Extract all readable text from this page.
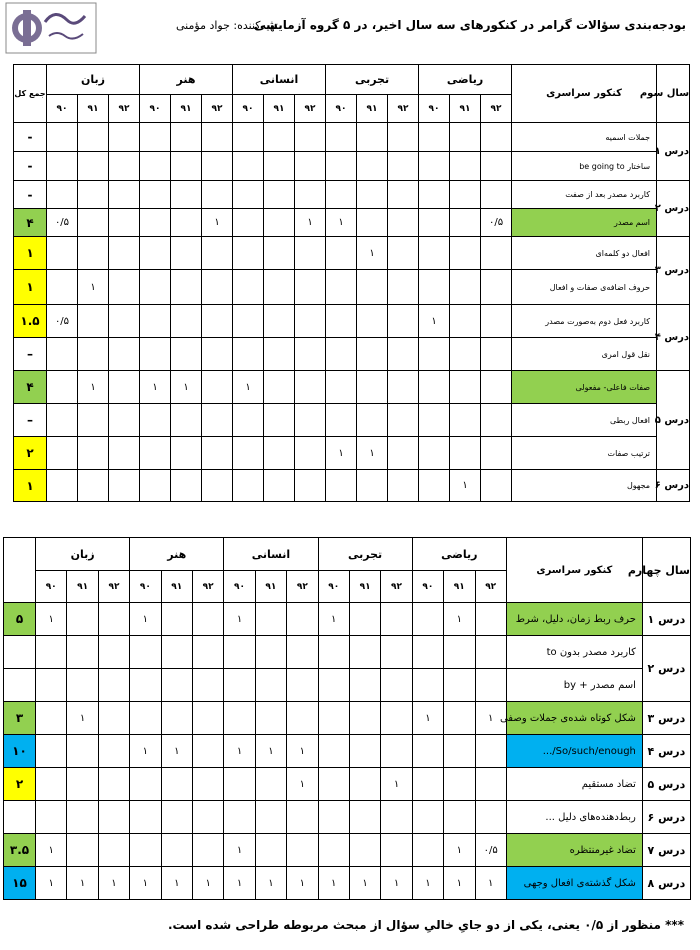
تهیه‌کننده: جواد مؤمنی
بودجه‌بندی سؤالات گرامر در کنکورهای سه سال اخیر، در ۵ گروه آزمایشی
جمع کل	زبان			هنر			انسانی			تجربی			ریاضی			کنکور سراسری	سال سوم
	۹۰	۹۱	۹۲	۹۰	۹۱	۹۲	۹۰	۹۱	۹۲	۹۰	۹۱	۹۲	۹۰	۹۱	۹۲		
-																جملات اسمیه	درس ۱
-																ساختار be going to	
-																کاربرد مصدر بعد از صفت	درس ۲
۴	۰/۵					۱			۱	۱					۰/۵	اسم مصدر	
۱											۱					افعال دو کلمه‌ای	درس ۳
۱		۱														حروف اضافه‌ی صفات و افعال	
۱.۵	۰/۵												۱			کاربرد فعل دوم به‌صورت مصدر	درس ۴
–																نقل قول امری	
۴		۱		۱	۱		۱									صفات فاعلی- مفعولی	درس ۵
–																افعال ربطی	
۲										۱	۱					ترتیب صفات	
۱														۱		مجهول	درس ۶
	زبان			هنر			انسانی			تجربی			ریاضی			کنکور سراسری	سال چهارم
	۹۰	۹۱	۹۲	۹۰	۹۱	۹۲	۹۰	۹۱	۹۲	۹۰	۹۱	۹۲	۹۰	۹۱	۹۲		
۵	۱			۱			۱			۱				۱		حرف ربط زمان، دلیل، شرط	درس ۱
																کاربرد مصدر بدون to	درس ۲
																اسم مصدر + by	
۳		۱											۱		۱	شکل کوتاه شده‌ی جملات وصفی	درس ۳
۱۰				۱	۱		۱	۱	۱							So/such/enough/...	درس ۴
۲									۱			۱				تضاد مستقیم	درس ۵
																ربط‌دهنده‌های دلیل ...	درس ۶
۳.۵	۱						۱							۱	۰/۵	تضاد غیرمنتظره	درس ۷
۱۵	۱	۱	۱	۱	۱	۱	۱	۱	۱	۱	۱	۱	۱	۱	۱	شکل گذشته‌ی افعال وجهی	درس ۸
*** منظور از ۰/۵ یعنی، یکی از دو جایِ خالیِ سؤال از مبحث مربوطه طراحی شده است.
